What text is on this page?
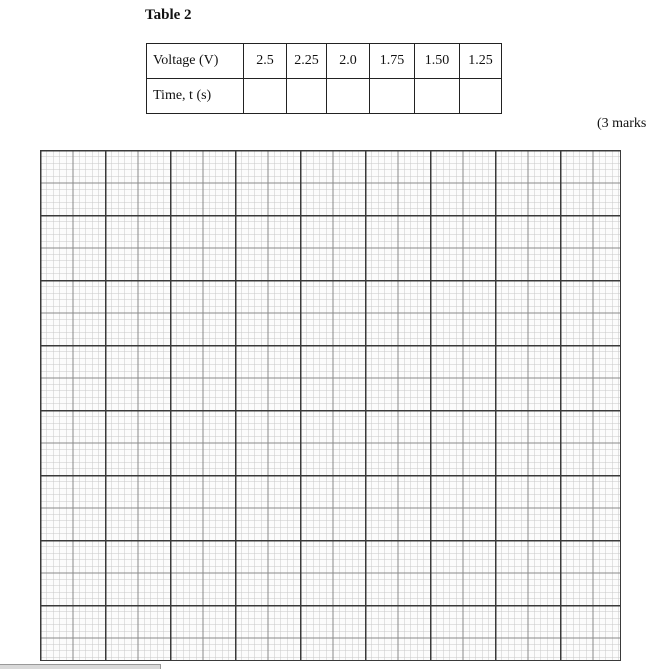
Table 2
Voltage (V)	2.5	2.25	2.0	1.75	1.50	1.25
Time, t (s)						
(3 marks
